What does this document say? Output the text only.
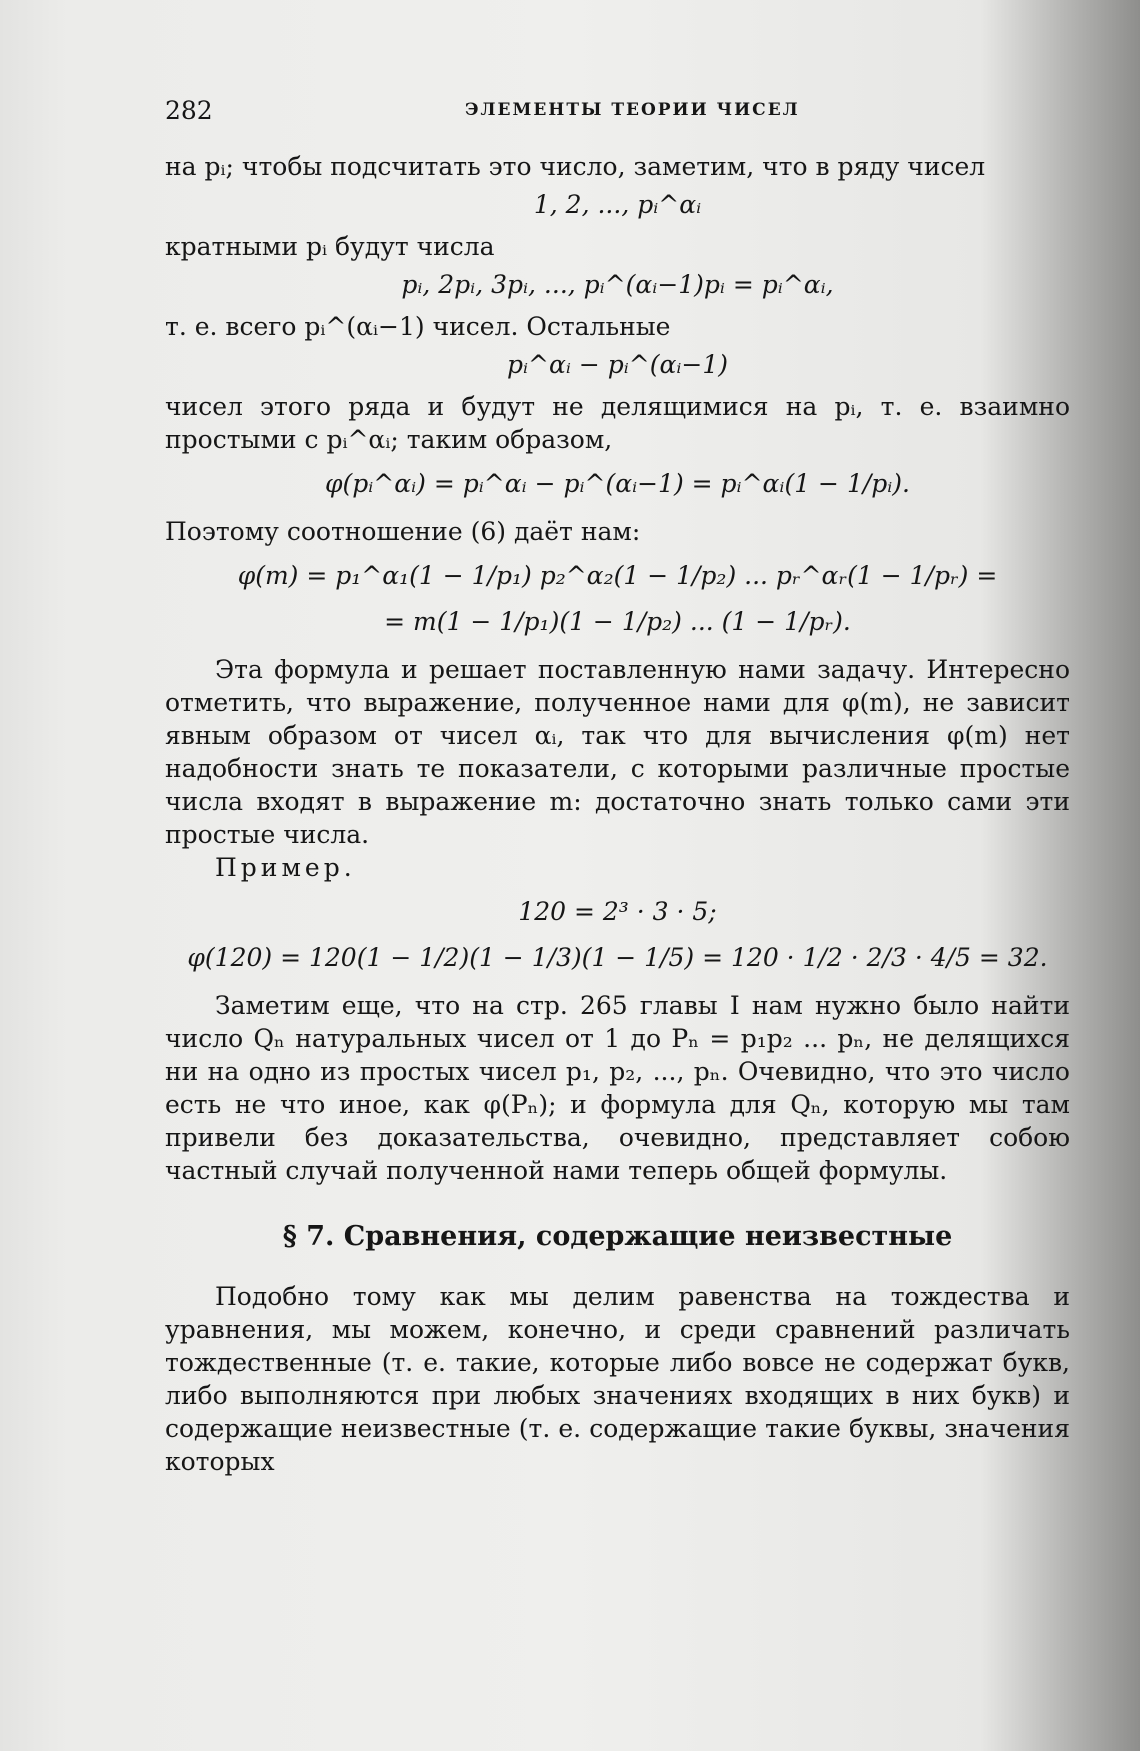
282	ЭЛЕМЕНТЫ ТЕОРИИ ЧИСЕЛ

на pᵢ; чтобы подсчитать это число, заметим, что в ряду чисел

1, 2, ..., pᵢ^αᵢ

кратными pᵢ будут числа

pᵢ, 2pᵢ, 3pᵢ, ..., pᵢ^(αᵢ−1)pᵢ = pᵢ^αᵢ,

т. е. всего pᵢ^(αᵢ−1) чисел. Остальные

pᵢ^αᵢ − pᵢ^(αᵢ−1)

чисел этого ряда и будут не делящимися на pᵢ, т. е. взаимно простыми с pᵢ^αᵢ; таким образом,

φ(pᵢ^αᵢ) = pᵢ^αᵢ − pᵢ^(αᵢ−1) = pᵢ^αᵢ(1 − 1/pᵢ).

Поэтому соотношение (6) даёт нам:

φ(m) = p₁^α₁(1 − 1/p₁) p₂^α₂(1 − 1/p₂) ... pᵣ^αᵣ(1 − 1/pᵣ) =
= m(1 − 1/p₁)(1 − 1/p₂) ... (1 − 1/pᵣ).

Эта формула и решает поставленную нами задачу. Интересно отметить, что выражение, полученное нами для φ(m), не зависит явным образом от чисел αᵢ, так что для вычисления φ(m) нет надобности знать те показатели, с которыми различные простые числа входят в выражение m: достаточно знать только сами эти простые числа.

Пример.

120 = 2³ · 3 · 5;
φ(120) = 120(1 − 1/2)(1 − 1/3)(1 − 1/5) = 120 · 1/2 · 2/3 · 4/5 = 32.

Заметим еще, что на стр. 265 главы I нам нужно было найти число Qₙ натуральных чисел от 1 до Pₙ = p₁p₂ ... pₙ, не делящихся ни на одно из простых чисел p₁, p₂, ..., pₙ. Очевидно, что это число есть не что иное, как φ(Pₙ); и формула для Qₙ, которую мы там привели без доказательства, очевидно, представляет собою частный случай полученной нами теперь общей формулы.

§ 7. Сравнения, содержащие неизвестные

Подобно тому как мы делим равенства на тождества и уравнения, мы можем, конечно, и среди сравнений различать тождественные (т. е. такие, которые либо вовсе не содержат букв, либо выполняются при любых значениях входящих в них букв) и содержащие неизвестные (т. е. содержащие такие буквы, значения которых
